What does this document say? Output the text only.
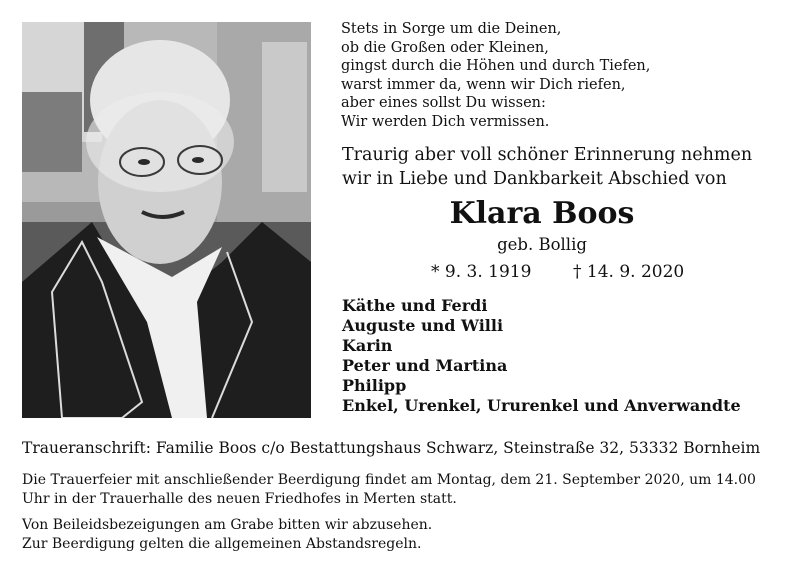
Stets in Sorge um die Deinen,
ob die Großen oder Kleinen,
gingst durch die Höhen und durch Tiefen,
warst immer da, wenn wir Dich riefen,
aber eines sollst Du wissen:
Wir werden Dich vermissen.
Traurig aber voll schöner Erinnerung nehmen
wir in Liebe und Dankbarkeit Abschied von
Klara Boos
geb. Bollig
* 9. 3. 1919 † 14. 9. 2020
Käthe und Ferdi
Auguste und Willi
Karin
Peter und Martina
Philipp
Enkel, Urenkel, Ururenkel und Anverwandte
Traueranschrift: Familie Boos c/o Bestattungshaus Schwarz, Steinstraße 32, 53332 Bornheim
Die Trauerfeier mit anschließender Beerdigung findet am Montag, dem 21. September 2020, um 14.00
Uhr in der Trauerhalle des neuen Friedhofes in Merten statt.
Von Beileidsbezeigungen am Grabe bitten wir abzusehen.
Zur Beerdigung gelten die allgemeinen Abstandsregeln.
